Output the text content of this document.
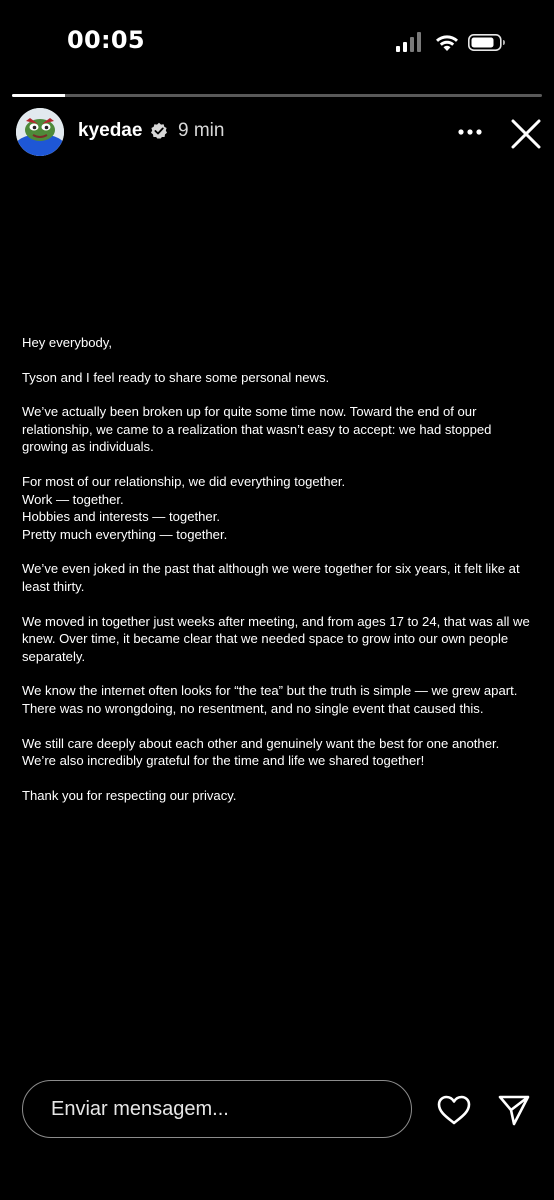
00:05
kyedae 9 min

Hey everybody,

Tyson and I feel ready to share some personal news.

We’ve actually been broken up for quite some time now. Toward the end of our
relationship, we came to a realization that wasn’t easy to accept: we had stopped
growing as individuals.

For most of our relationship, we did everything together.
Work — together.
Hobbies and interests — together.
Pretty much everything — together.

We’ve even joked in the past that although we were together for six years, it felt like at
least thirty.

We moved in together just weeks after meeting, and from ages 17 to 24, that was all we
knew. Over time, it became clear that we needed space to grow into our own people
separately.

We know the internet often looks for “the tea” but the truth is simple — we grew apart.
There was no wrongdoing, no resentment, and no single event that caused this.

We still care deeply about each other and genuinely want the best for one another.
We’re also incredibly grateful for the time and life we shared together!

Thank you for respecting our privacy.

Enviar mensagem...
